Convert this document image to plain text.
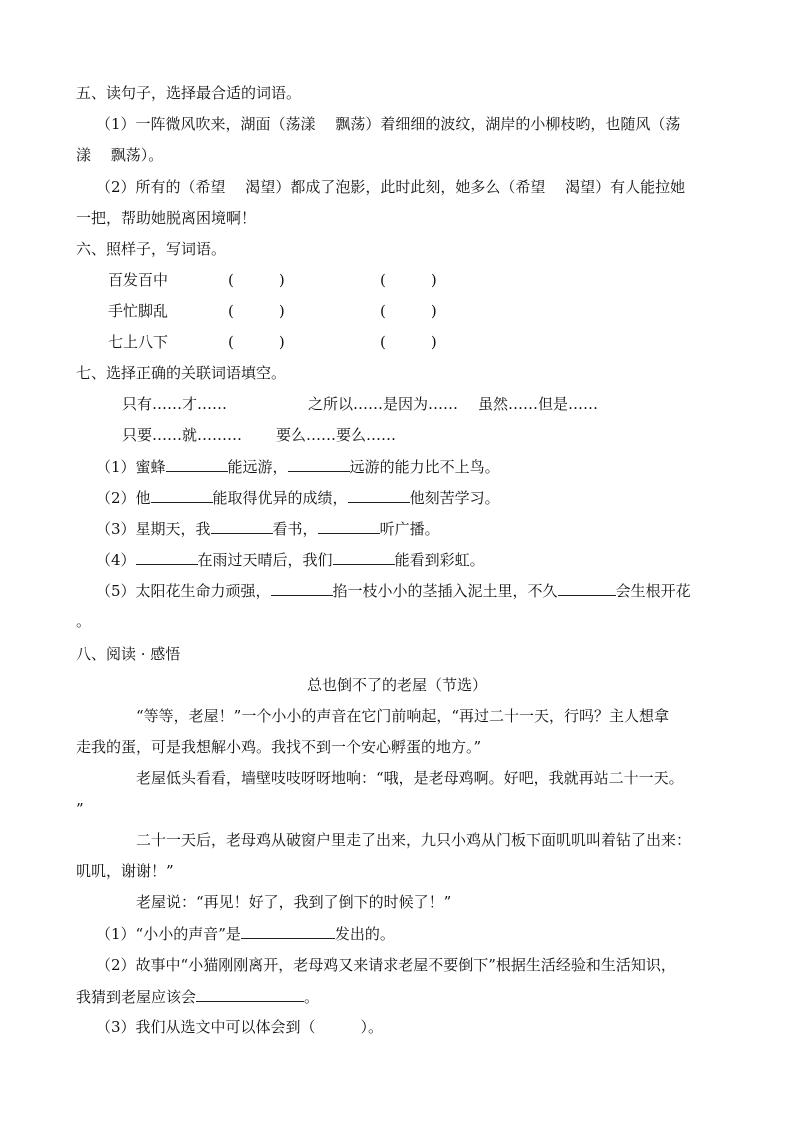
五、读句子，选择最合适的词语。
（1）一阵微风吹来，湖面（荡漾　 飘荡）着细细的波纹，湖岸的小柳枝哟，也随风（荡
漾　 飘荡）。
（2）所有的（希望　 渴望）都成了泡影，此时此刻，她多么（希望　 渴望）有人能拉她
一把，帮助她脱离困境啊！
六、照样子，写词语。
百发百中	(　　　)	(　　　)
手忙脚乱	(　　　)	(　　　)
七上八下	(　　　)	(　　　)
七、选择正确的关联词语填空。
只有……才……	之所以……是因为…… 虽然……但是……
只要……就……… 要么……要么……
（1）蜜蜂	能远游，	远游的能力比不上鸟。
（2）他	能取得优异的成绩，	他刻苦学习。
（3）星期天，我	看书，	听广播。
（4）	在雨过天晴后，我们	能看到彩虹。
（5）太阳花生命力顽强，	掐一枝小小的茎插入泥土里，不久	会生根开花
。
八、阅读 · 感悟
总也倒不了的老屋（节选）
“等等，老屋！”一个小小的声音在它门前响起，“再过二十一天，行吗？主人想拿
走我的蛋，可是我想解小鸡。我找不到一个安心孵蛋的地方。”
老屋低头看看，墙壁吱吱呀呀地响：“哦，是老母鸡啊。好吧，我就再站二十一天。
”
二十一天后，老母鸡从破窗户里走了出来，九只小鸡从门板下面叽叽叫着钻了出来：
叽叽，谢谢！”
老屋说：“再见！好了，我到了倒下的时候了！”
（1）“小小的声音”是	发出的。
（2）故事中“小猫刚刚离开，老母鸡又来请求老屋不要倒下”根据生活经验和生活知识，
我猜到老屋应该会	。
（3）我们从选文中可以体会到（　　　）。
